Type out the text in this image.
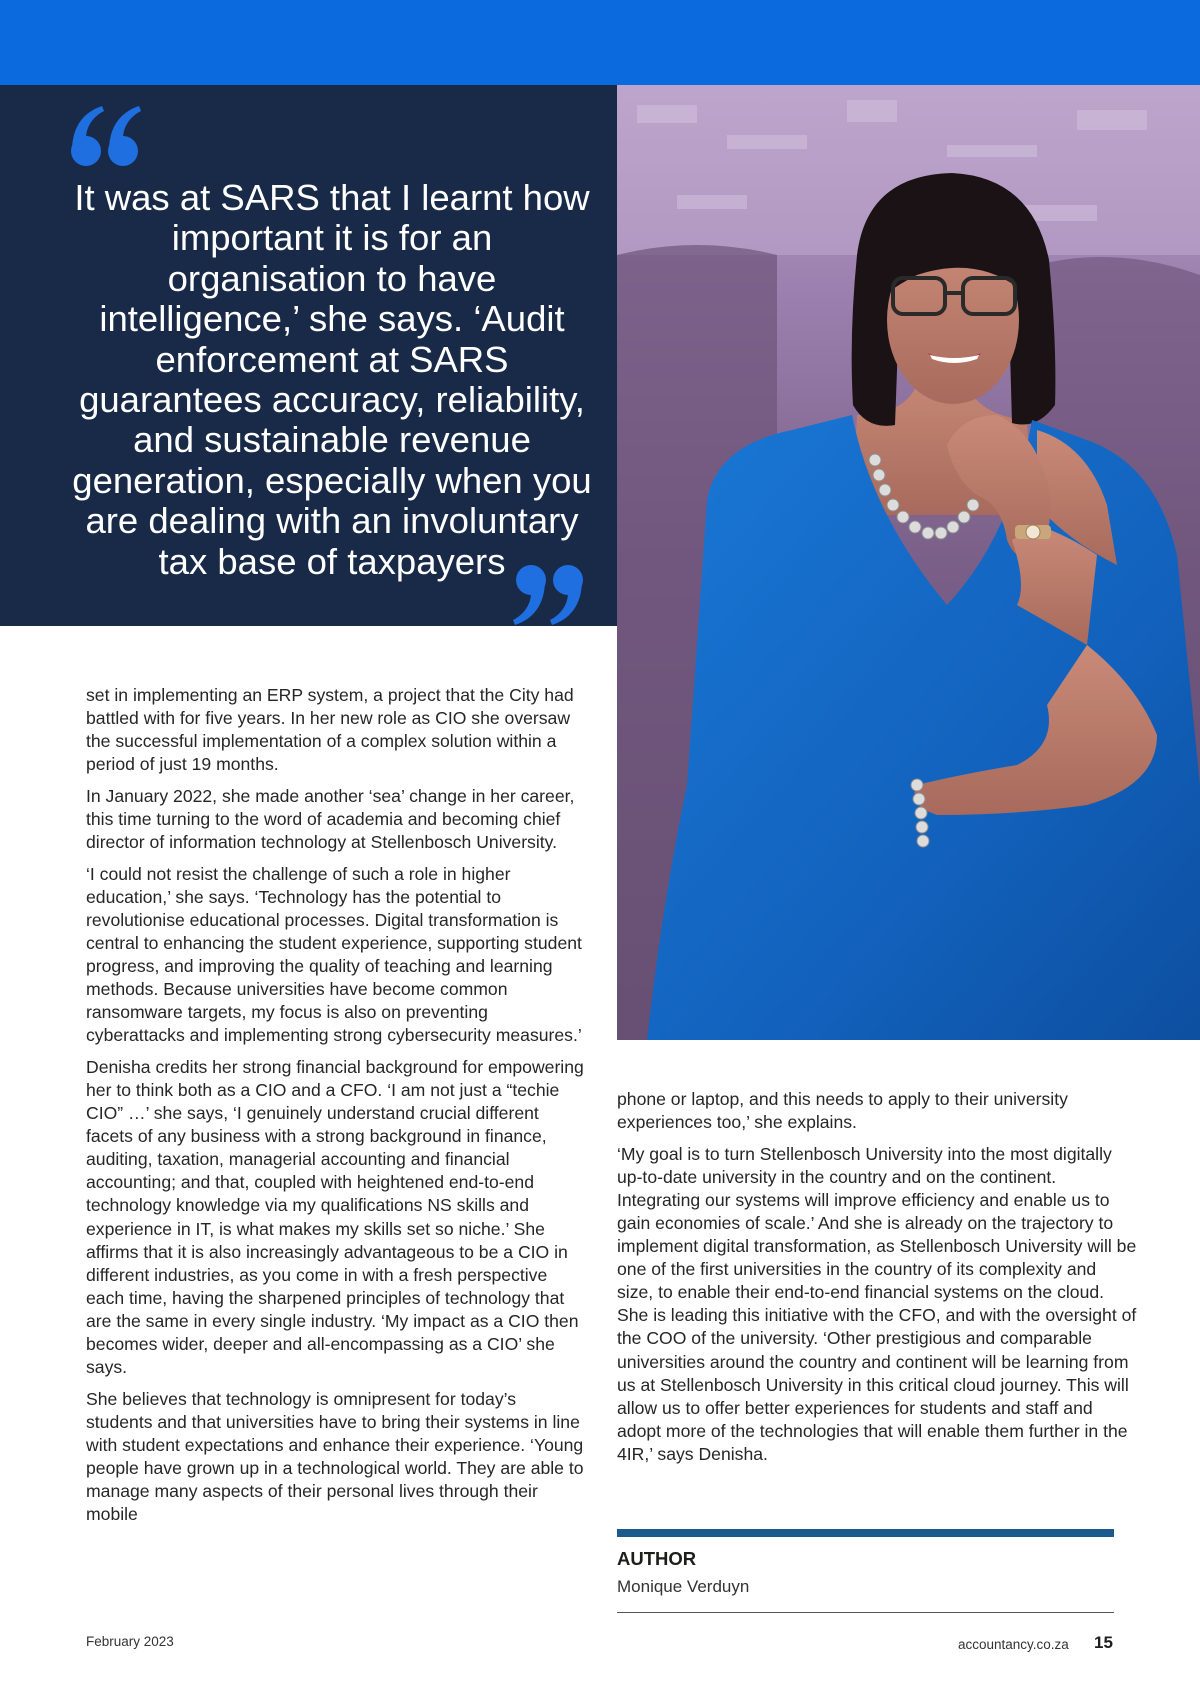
It was at SARS that I learnt how important it is for an organisation to have intelligence,’ she says. ‘Audit enforcement at SARS guarantees accuracy, reliability, and sustainable revenue generation, especially when you are dealing with an involuntary tax base of taxpayers

set in implementing an ERP system, a project that the City had battled with for five years. In her new role as CIO she oversaw the successful implementation of a complex solution within a period of just 19 months.

In January 2022, she made another ‘sea’ change in her career, this time turning to the word of academia and becoming chief director of information technology at Stellenbosch University.

‘I could not resist the challenge of such a role in higher education,’ she says. ‘Technology has the potential to revolutionise educational processes. Digital transformation is central to enhancing the student experience, supporting student progress, and improving the quality of teaching and learning methods. Because universities have become common ransomware targets, my focus is also on preventing cyberattacks and implementing strong cybersecurity measures.’

Denisha credits her strong financial background for empowering her to think both as a CIO and a CFO. ‘I am not just a “techie CIO” …’ she says, ‘I genuinely understand crucial different facets of any business with a strong background in finance, auditing, taxation, managerial accounting and financial accounting; and that, coupled with heightened end-to-end technology knowledge via my qualifications NS skills and experience in IT, is what makes my skills set so niche.’ She affirms that it is also increasingly advantageous to be a CIO in different industries, as you come in with a fresh perspective each time, having the sharpened principles of technology that are the same in every single industry. ‘My impact as a CIO then becomes wider, deeper and all-encompassing as a CIO’ she says.

She believes that technology is omnipresent for today’s students and that universities have to bring their systems in line with student expectations and enhance their experience. ‘Young people have grown up in a technological world. They are able to manage many aspects of their personal lives through their mobile

phone or laptop, and this needs to apply to their university experiences too,’ she explains.

‘My goal is to turn Stellenbosch University into the most digitally up-to-date university in the country and on the continent. Integrating our systems will improve efficiency and enable us to gain economies of scale.’ And she is already on the trajectory to implement digital transformation, as Stellenbosch University will be one of the first universities in the country of its complexity and size, to enable their end-to-end financial systems on the cloud. She is leading this initiative with the CFO, and with the oversight of the COO of the university. ‘Other prestigious and comparable universities around the country and continent will be learning from us at Stellenbosch University in this critical cloud journey. This will allow us to offer better experiences for students and staff and adopt more of the technologies that will enable them further in the 4IR,’ says Denisha.

AUTHOR
Monique Verduyn
February 2023	accountancy.co.za 15
